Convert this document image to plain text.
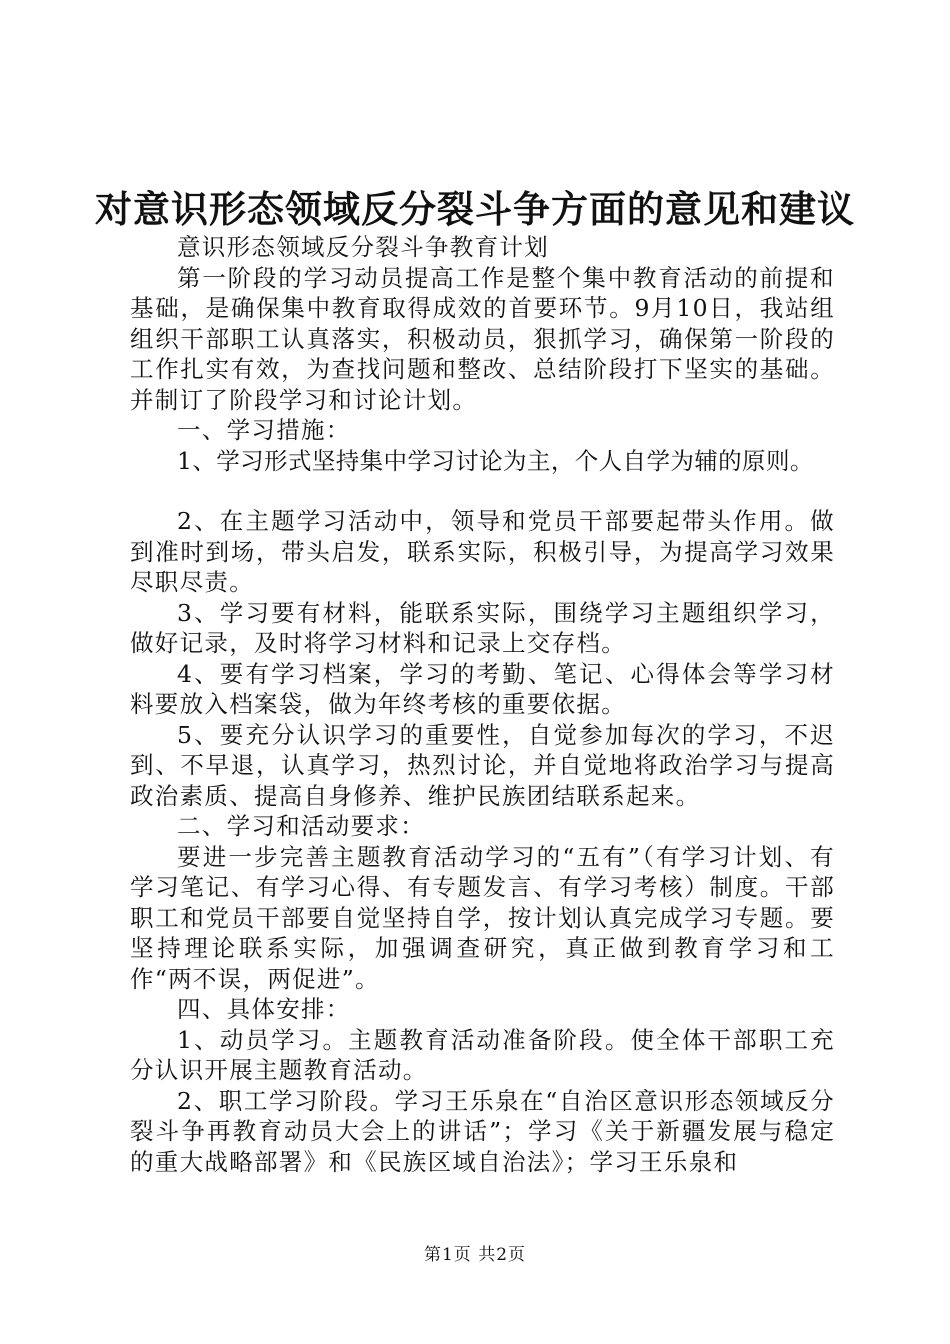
对意识形态领域反分裂斗争方面的意见和建议

意识形态领域反分裂斗争教育计划

第一阶段的学习动员提高工作是整个集中教育活动的前提和基础，是确保集中教育取得成效的首要环节。9月10日，我站组组织干部职工认真落实，积极动员，狠抓学习，确保第一阶段的工作扎实有效，为查找问题和整改、总结阶段打下坚实的基础。并制订了阶段学习和讨论计划。

一、学习措施：

1、学习形式坚持集中学习讨论为主，个人自学为辅的原则。

2、在主题学习活动中，领导和党员干部要起带头作用。做到准时到场，带头启发，联系实际，积极引导，为提高学习效果尽职尽责。

3、学习要有材料，能联系实际，围绕学习主题组织学习，做好记录，及时将学习材料和记录上交存档。

4、要有学习档案，学习的考勤、笔记、心得体会等学习材料要放入档案袋，做为年终考核的重要依据。

5、要充分认识学习的重要性，自觉参加每次的学习，不迟到、不早退，认真学习，热烈讨论，并自觉地将政治学习与提高政治素质、提高自身修养、维护民族团结联系起来。

二、学习和活动要求：

要进一步完善主题教育活动学习的“五有”（有学习计划、有学习笔记、有学习心得、有专题发言、有学习考核）制度。干部职工和党员干部要自觉坚持自学，按计划认真完成学习专题。要坚持理论联系实际，加强调查研究，真正做到教育学习和工作“两不误，两促进”。

四、具体安排：

1、动员学习。主题教育活动准备阶段。使全体干部职工充分认识开展主题教育活动。

2、职工学习阶段。学习王乐泉在“自治区意识形态领域反分裂斗争再教育动员大会上的讲话”；学习《关于新疆发展与稳定的重大战略部署》和《民族区域自治法》；学习王乐泉和

第1页 共2页
